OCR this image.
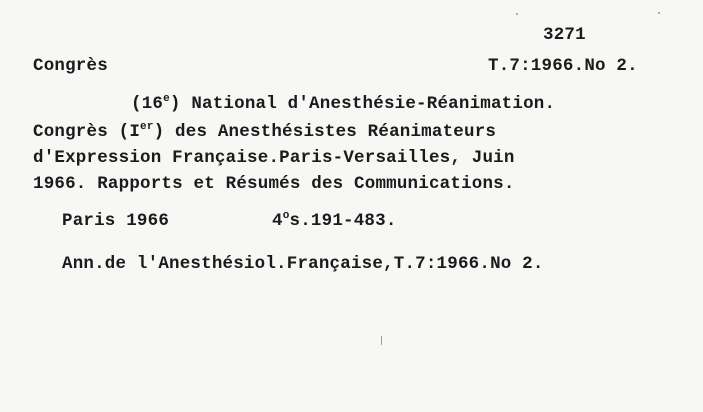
3271
Congrès	T.7:1966.No 2.
(16e) National d'Anesthésie-Réanimation.
Congrès (Ier) des Anesthésistes Réanimateurs
d'Expression Française.Paris-Versailles, Juin
1966. Rapports et Résumés des Communications.
Paris 1966	4$^o$s.191-483.
Ann.de l'Anesthésiol.Française,T.7:1966.No 2.
